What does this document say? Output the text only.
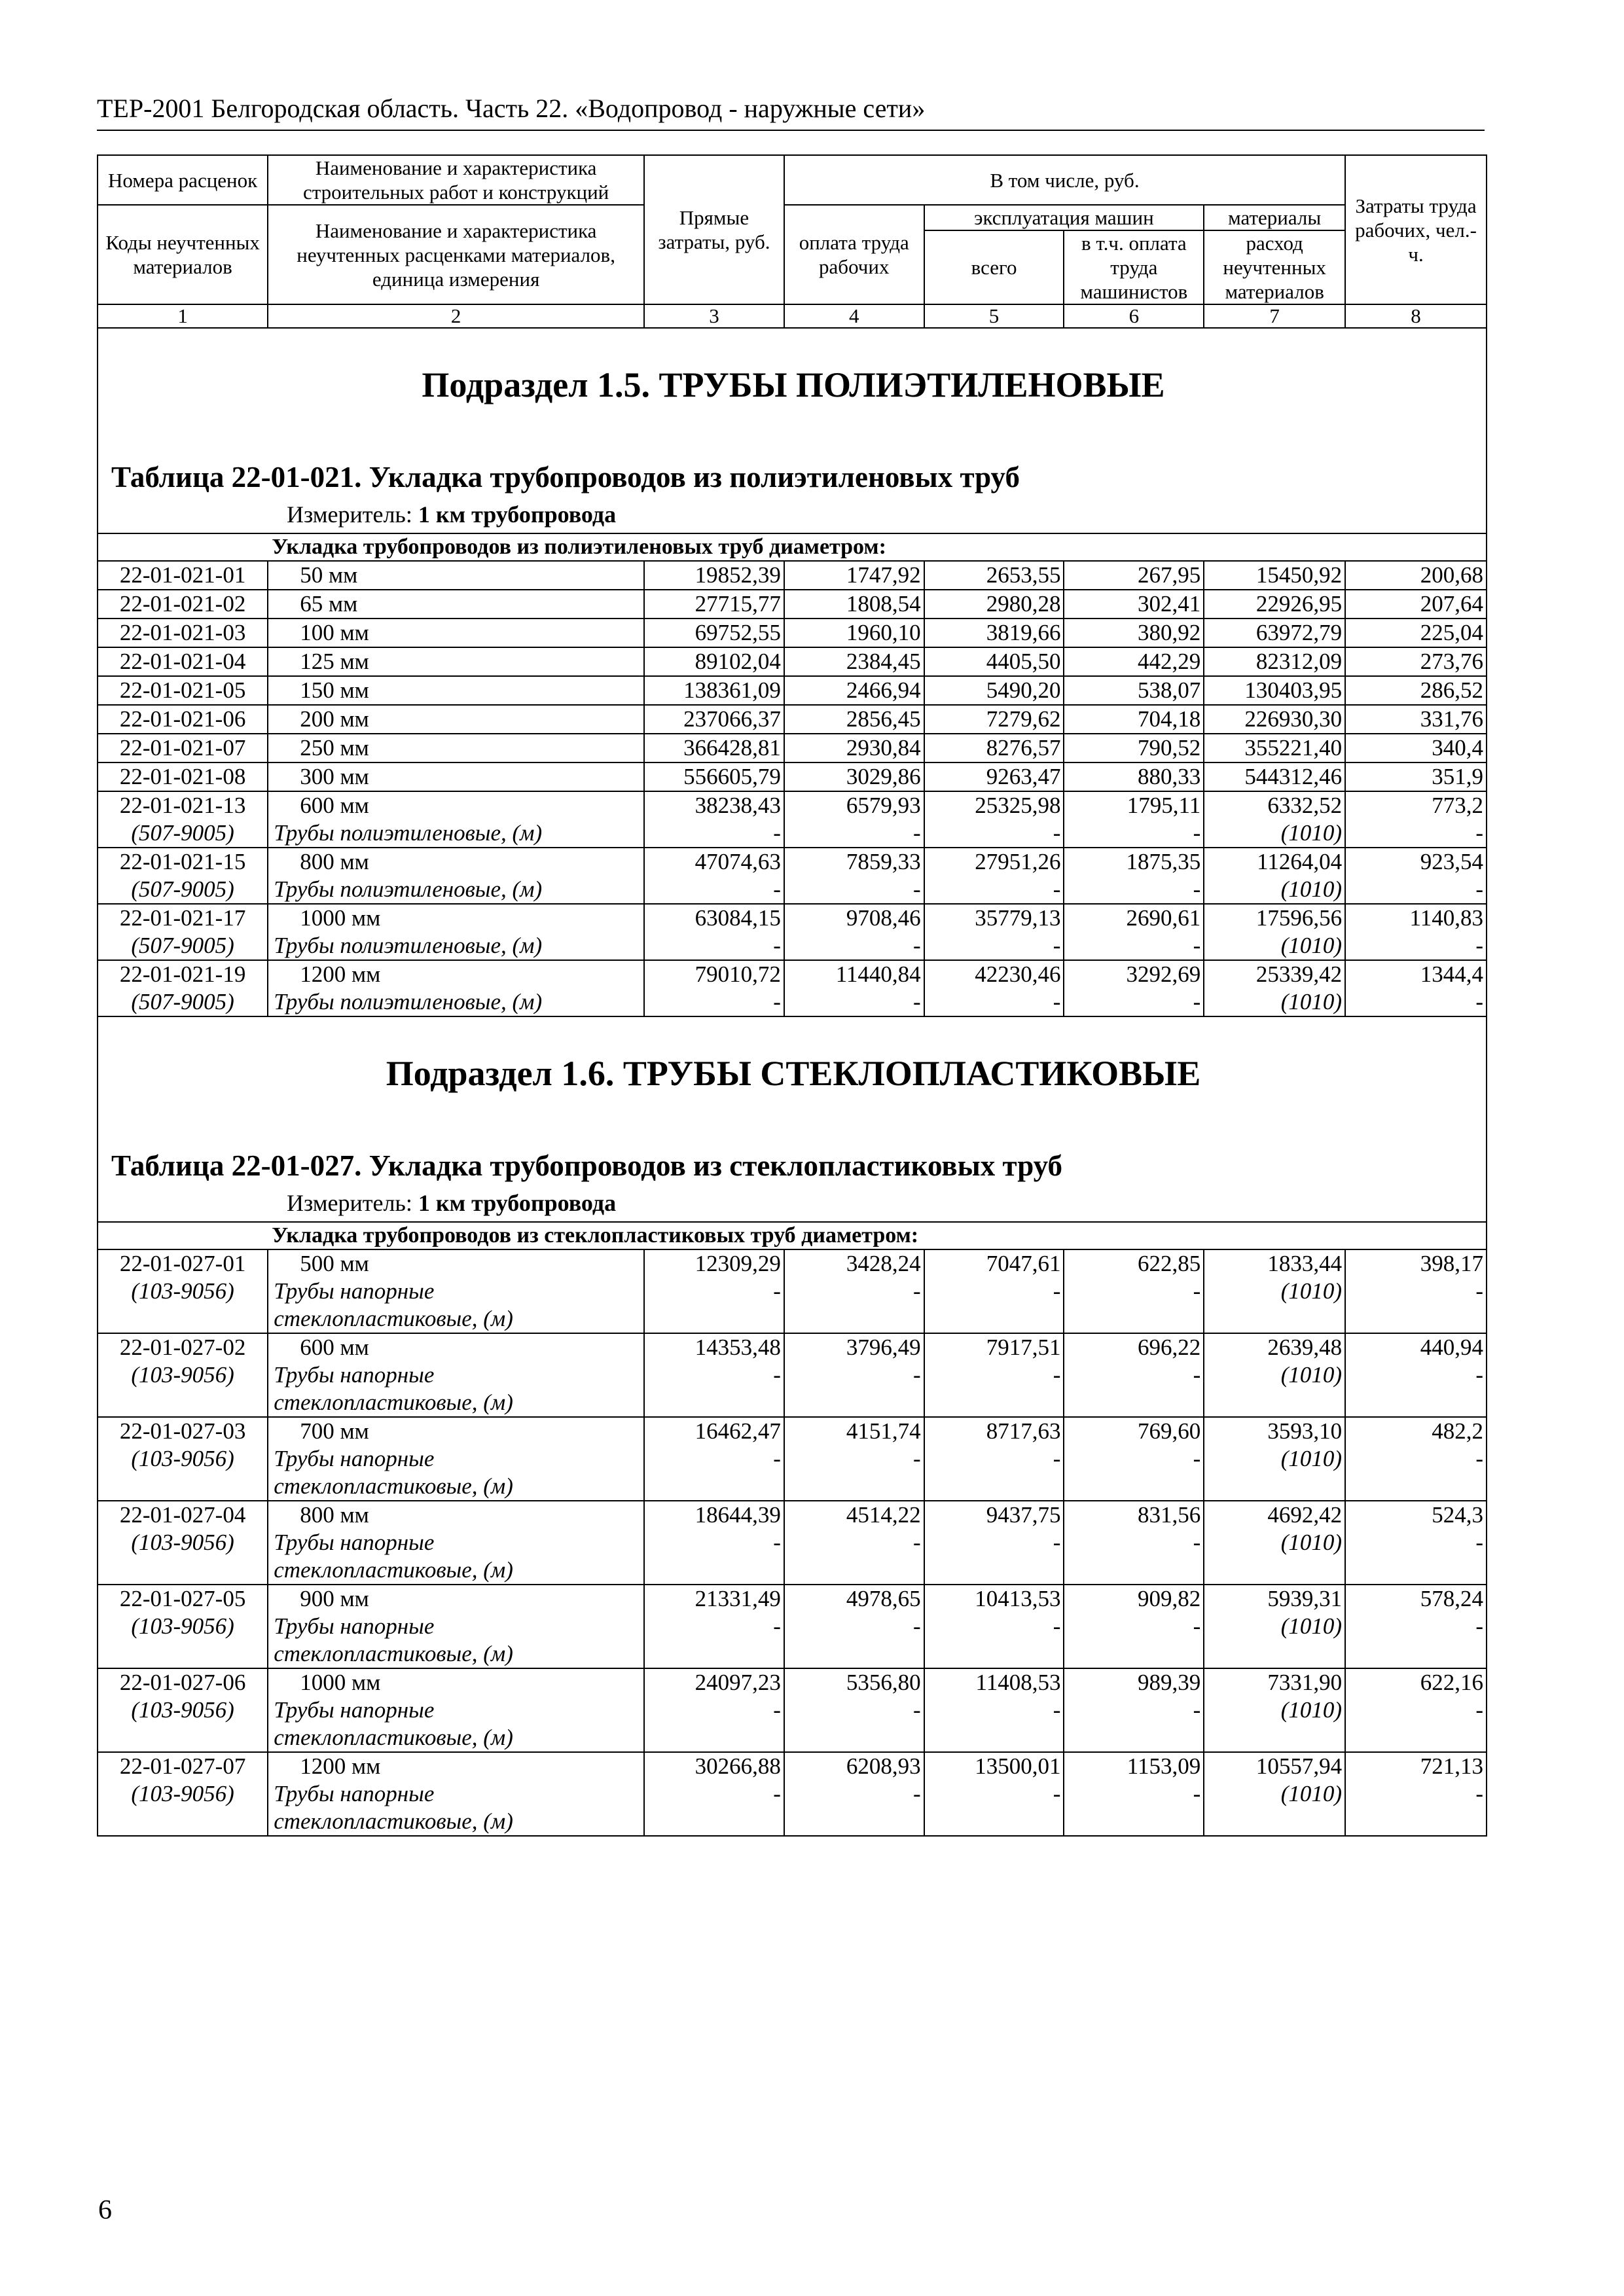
ТЕР-2001 Белгородская область. Часть 22. «Водопровод - наружные сети»
Номера расценок	Наименование и характеристика строительных работ и конструкций	Прямые затраты, руб.	В том числе, руб.				Затраты труда рабочих, чел.-ч.
Коды неучтенных материалов	Наименование и характеристика неучтенных расценками материалов, единица измерения		оплата труда рабочих	эксплуатация машин		материалы	
				всего	в т.ч. оплата труда машинистов	расход неучтенных материалов	
1	2	3	4	5	6	7	8

Подраздел 1.5. ТРУБЫ ПОЛИЭТИЛЕНОВЫЕ
Таблица 22-01-021. Укладка трубопроводов из полиэтиленовых труб
Измеритель: 1 км трубопровода							

	Укладка трубопроводов из полиэтиленовых труб диаметром:						
22-01-021-01	50 мм	19852,39	1747,92	2653,55	267,95	15450,92	200,68
22-01-021-02	65 мм	27715,77	1808,54	2980,28	302,41	22926,95	207,64
22-01-021-03	100 мм	69752,55	1960,10	3819,66	380,92	63972,79	225,04
22-01-021-04	125 мм	89102,04	2384,45	4405,50	442,29	82312,09	273,76
22-01-021-05	150 мм	138361,09	2466,94	5490,20	538,07	130403,95	286,52
22-01-021-06	200 мм	237066,37	2856,45	7279,62	704,18	226930,30	331,76
22-01-021-07	250 мм	366428,81	2930,84	8276,57	790,52	355221,40	340,4
22-01-021-08	300 мм	556605,79	3029,86	9263,47	880,33	544312,46	351,9
22-01-021-13	600 мм	38238,43	6579,93	25325,98	1795,11	6332,52	773,2
(507-9005)	Трубы полиэтиленовые, (м)	-	-	-	-	(1010)	-
22-01-021-15	800 мм	47074,63	7859,33	27951,26	1875,35	11264,04	923,54
(507-9005)	Трубы полиэтиленовые, (м)	-	-	-	-	(1010)	-
22-01-021-17	1000 мм	63084,15	9708,46	35779,13	2690,61	17596,56	1140,83
(507-9005)	Трубы полиэтиленовые, (м)	-	-	-	-	(1010)	-
22-01-021-19	1200 мм	79010,72	11440,84	42230,46	3292,69	25339,42	1344,4
(507-9005)	Трубы полиэтиленовые, (м)	-	-	-	-	(1010)	-

Подраздел 1.6. ТРУБЫ СТЕКЛОПЛАСТИКОВЫЕ
Таблица 22-01-027. Укладка трубопроводов из стеклопластиковых труб
Измеритель: 1 км трубопровода							

	Укладка трубопроводов из стеклопластиковых труб диаметром:						
22-01-027-01	500 мм	12309,29	3428,24	7047,61	622,85	1833,44	398,17
(103-9056)	Трубы напорные	-	-	-	-	(1010)	-
	стеклопластиковые, (м)						
22-01-027-02	600 мм	14353,48	3796,49	7917,51	696,22	2639,48	440,94
(103-9056)	Трубы напорные	-	-	-	-	(1010)	-
	стеклопластиковые, (м)						
22-01-027-03	700 мм	16462,47	4151,74	8717,63	769,60	3593,10	482,2
(103-9056)	Трубы напорные	-	-	-	-	(1010)	-
	стеклопластиковые, (м)						
22-01-027-04	800 мм	18644,39	4514,22	9437,75	831,56	4692,42	524,3
(103-9056)	Трубы напорные	-	-	-	-	(1010)	-
	стеклопластиковые, (м)						
22-01-027-05	900 мм	21331,49	4978,65	10413,53	909,82	5939,31	578,24
(103-9056)	Трубы напорные	-	-	-	-	(1010)	-
	стеклопластиковые, (м)						
22-01-027-06	1000 мм	24097,23	5356,80	11408,53	989,39	7331,90	622,16
(103-9056)	Трубы напорные	-	-	-	-	(1010)	-
	стеклопластиковые, (м)						
22-01-027-07	1200 мм	30266,88	6208,93	13500,01	1153,09	10557,94	721,13
(103-9056)	Трубы напорные	-	-	-	-	(1010)	-
	стеклопластиковые, (м)						
6
